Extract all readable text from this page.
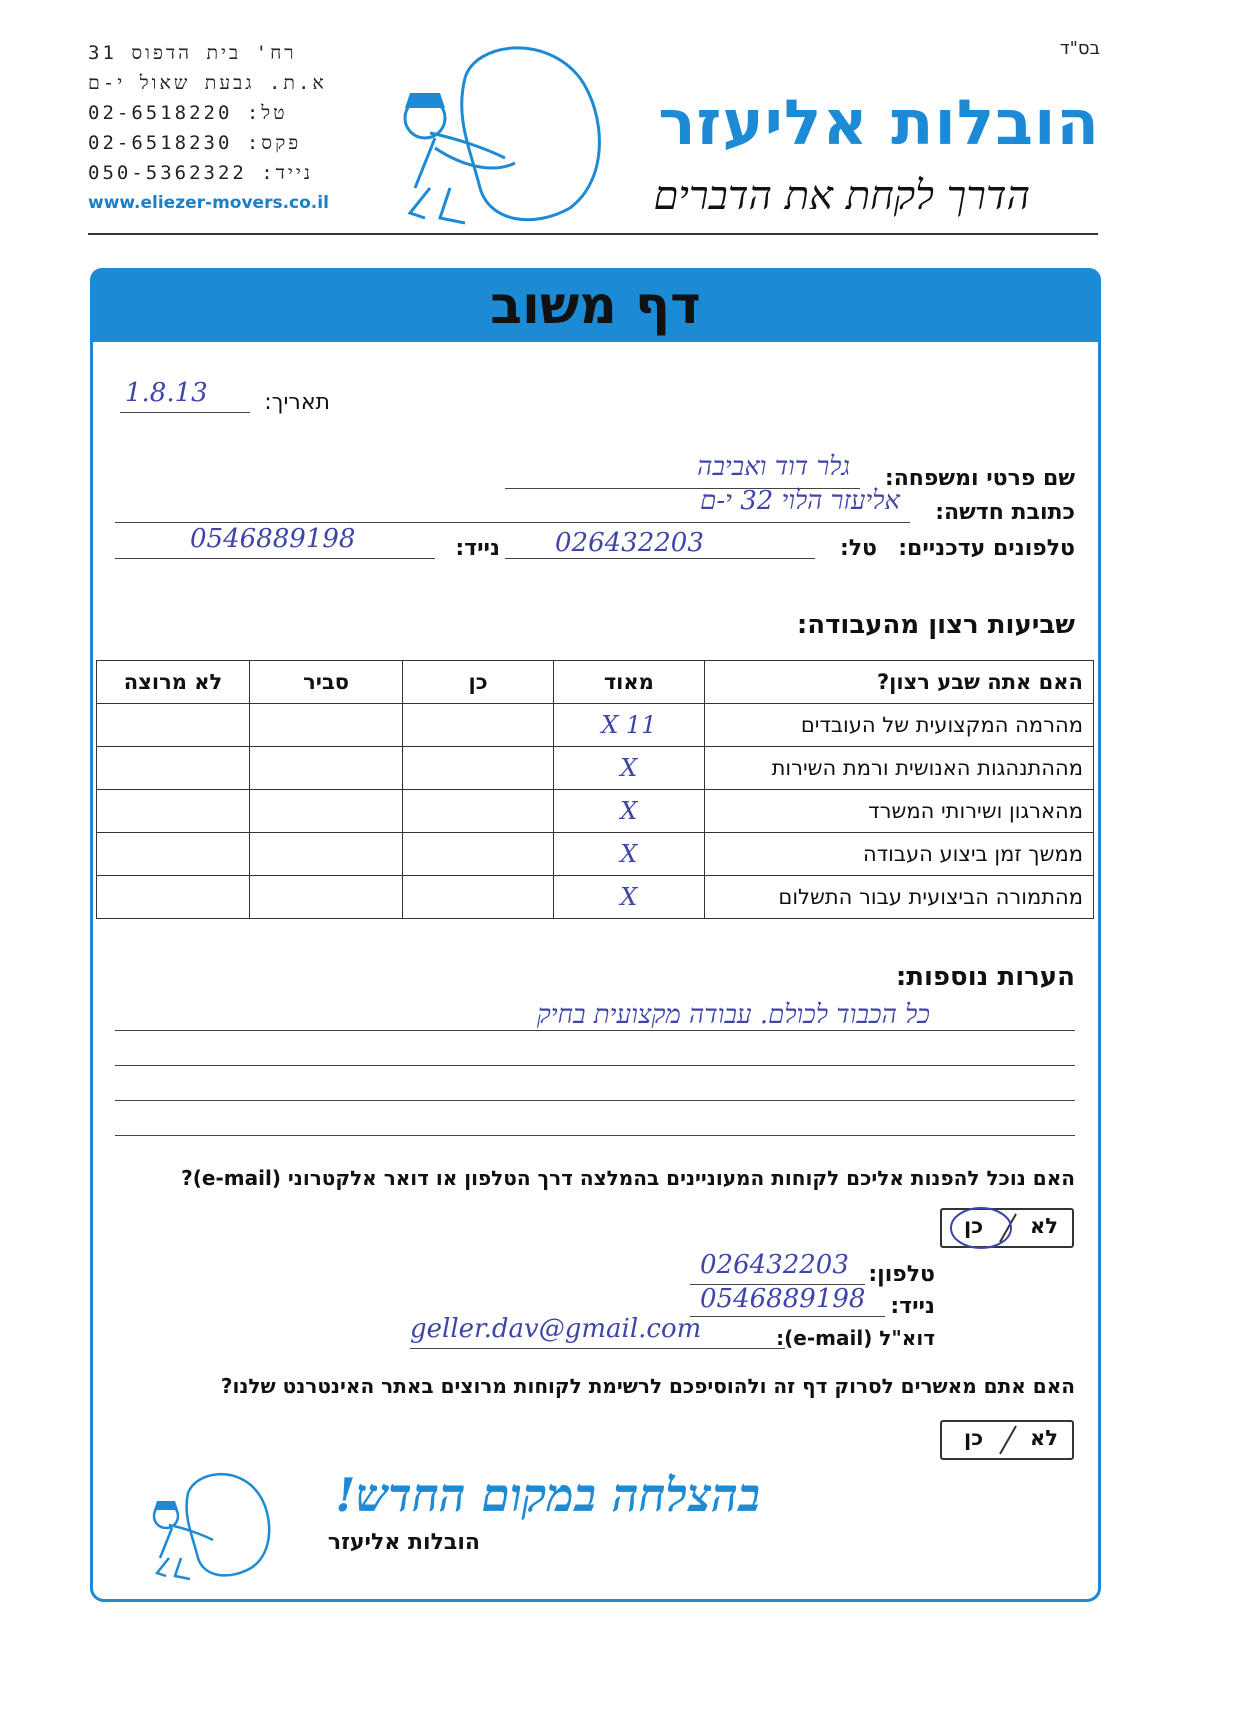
בס"ד
רח' בית הדפוס 31
א.ת. גבעת שאול י-ם
טל: 02-6518220
פקס: 02-6518230
נייד: 050-5362322
www.eliezer-movers.co.il
הובלות אליעזר
הדרך לקחת את הדברים
דף משוב
תאריך:
1.8.13
שם פרטי ומשפחה:
גלר דוד ואביבה
כתובת חדשה:
אליעזר הלוי 32 י-ם
טלפונים עדכניים:
טל:
026432203
נייד:
0546889198
שביעות רצון מהעבודה:
האם אתה שבע רצון?	מאוד	כן	סביר	לא מרוצה
מהרמה המקצועית של העובדים	11 X			
מההתנהגות האנושית ורמת השירות	X			
מהארגון ושירותי המשרד	X			
ממשך זמן ביצוע העבודה	X			
מהתמורה הביצועית עבור התשלום	X			
הערות נוספות:
כל הכבוד לכולם. עבודה מקצועית בחיק
האם נוכל להפנות אליכם לקוחות המעוניינים בהמלצה דרך הטלפון או דואר אלקטרוני (e-mail)?
לא
כן
טלפון:
026432203
נייד:
0546889198
דוא"ל (e-mail):
geller.dav@gmail.com
האם אתם מאשרים לסרוק דף זה ולהוסיפכם לרשימת לקוחות מרוצים באתר האינטרנט שלנו?
לא
כן
בהצלחה במקום החדש!
הובלות אליעזר
